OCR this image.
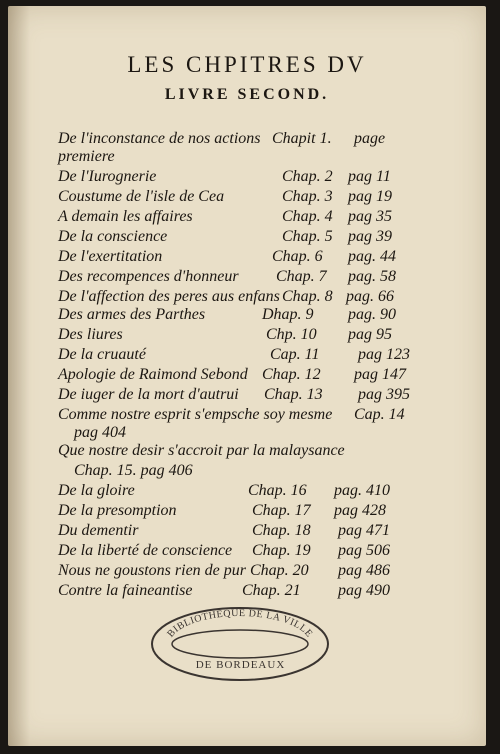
LES CHPITRES DV
LIVRE SECOND.
De l'inconstance de nos actions Chapit 1. page
premiere
De l'Iurognerie	Chap. 2 pag 11
Coustume de l'isle de Cea	Chap. 3 pag 19
A demain les affaires	Chap. 4 pag 35
De la conscience	Chap. 5 pag 39
De l'exertitation	Chap. 6 pag. 44
Des recompences d'honneur Chap. 7 pag. 58
De l'affection des peres aus enfans Chap. 8 pag. 66
Des armes des Parthes	Dhap. 9 pag. 90
Des liures	Chp. 10 pag 95
De la cruauté	Cap. 11 pag 123
Apologie de Raimond Sebond Chap. 12 pag 147
De iuger de la mort d'autrui Chap. 13 pag 395
Comme nostre esprit s'empsche soy mesme Cap. 14
pag 404
Que nostre desir s'accroit par la malaysance
Chap. 15. pag 406
De la gloire	Chap. 16 pag. 410
De la presomption	Chap. 17 pag 428
Du dementir	Chap. 18 pag 471
De la liberté de conscience Chap. 19 pag 506
Nous ne goustons rien de pur Chap. 20 pag 486
Contre la faineantise	Chap. 21 pag 490
BIBLIOTHÈQUE DE LA VILLE
DE BORDEAUX
